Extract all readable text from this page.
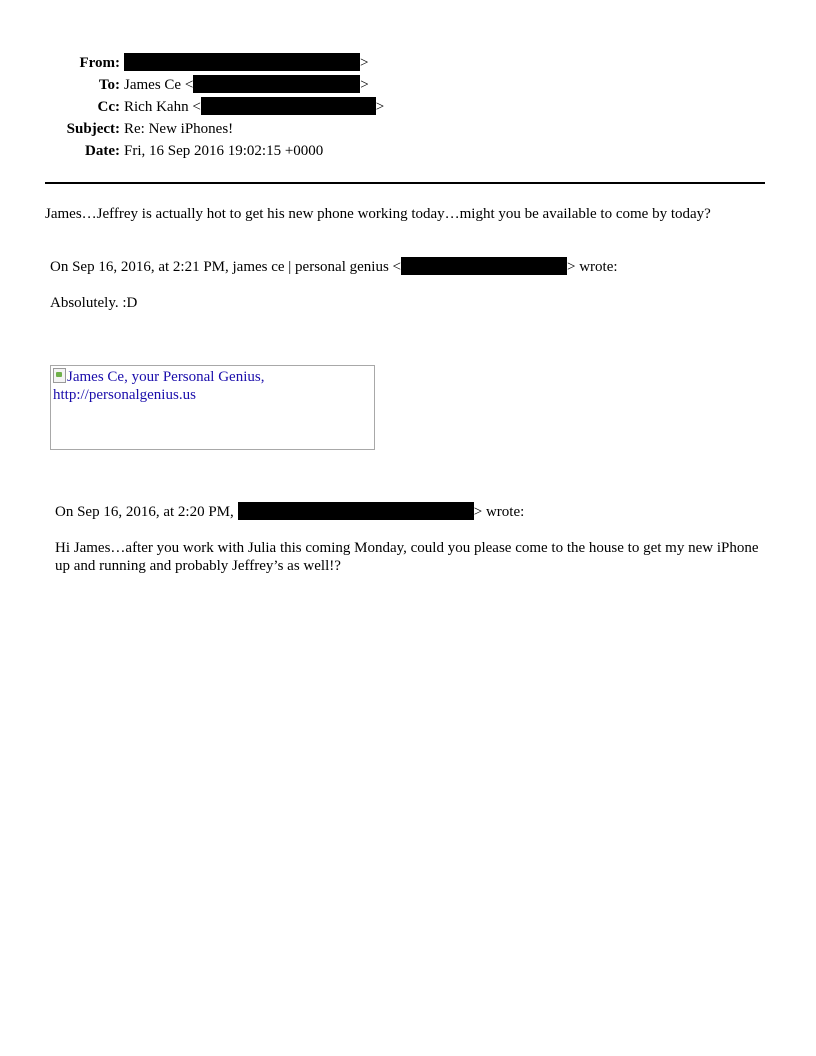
From:	>
To: James Ce <	>
Cc: Rich Kahn <	>
Subject: Re: New iPhones!
Date: Fri, 16 Sep 2016 19:02:15 +0000
James…Jeffrey is actually hot to get his new phone working today…might you be available to come by today?
On Sep 16, 2016, at 2:21 PM, james ce | personal genius <	> wrote:
Absolutely. :D
James Ce, your Personal Genius,
http://personalgenius.us
On Sep 16, 2016, at 2:20 PM,	> wrote:
Hi James…after you work with Julia this coming Monday, could you please come to the house to get my new iPhone up and running and probably Jeffrey’s as well!?
